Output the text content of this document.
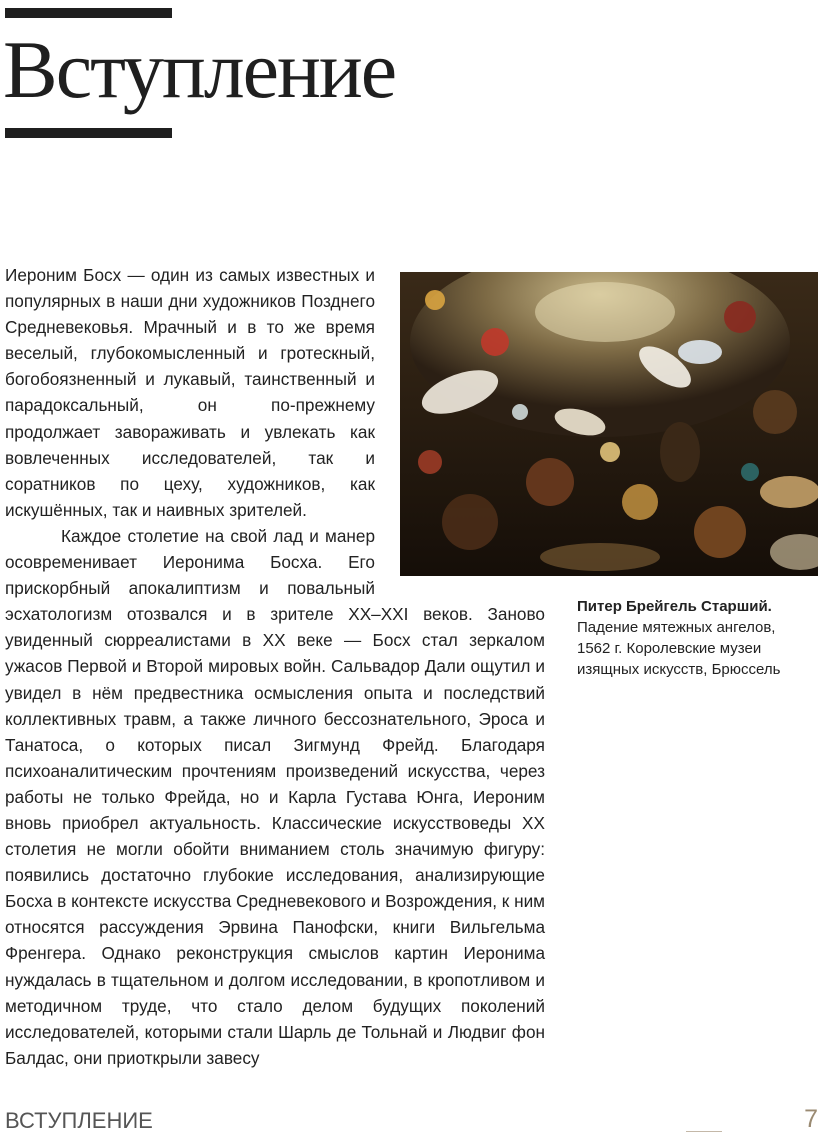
Вступление
Питер Брейгель Старший.
Падение мятежных ангелов,
1562 г. Королевские музеи
изящных искусств, Брюссель

Иероним Босх — один из самых известных и популярных в наши дни художников Позднего Средневековья. Мрачный и в то же время веселый, глубокомысленный и гротескный, богобоязненный и лукавый, таинственный и парадоксальный, он по-прежнему продолжает завораживать и увлекать как вовлеченных исследователей, так и соратников по цеху, художников, как искушённых, так и наивных зрителей.

Каждое столетие на свой лад и манер осовременивает Иеронима Босха. Его прискорбный апокалиптизм и повальный эсхатологизм отозвался и в зрителе XX–XXI веков. Заново увиденный сюрреалистами в XX веке — Босх стал зеркалом ужасов Первой и Второй мировых войн. Сальвадор Дали ощутил и увидел в нём предвестника осмысления опыта и последствий коллективных травм, а также личного бессознательного, Эроса и Танатоса, о которых писал Зигмунд Фрейд. Благодаря психоаналитическим прочтениям произведений искусства, через работы не только Фрейда, но и Карла Густава Юнга, Иероним вновь приобрел актуальность. Классические искусствоведы XX столетия не могли обойти вниманием столь значимую фигуру: появились достаточно глубокие исследования, анализирующие Босха в контексте искусства Средневекового и Возрождения, к ним относятся рассуждения Эрвина Панофски, книги Вильгельма Френгера. Однако реконструкция смыслов картин Иеронима нуждалась в тщательном и долгом исследовании, в кропотливом и методичном труде, что стало делом будущих поколений исследователей, которыми стали Шарль де Тольнай и Людвиг фон Балдас, они приоткрыли завесу

ВСТУПЛЕНИЕ	7
